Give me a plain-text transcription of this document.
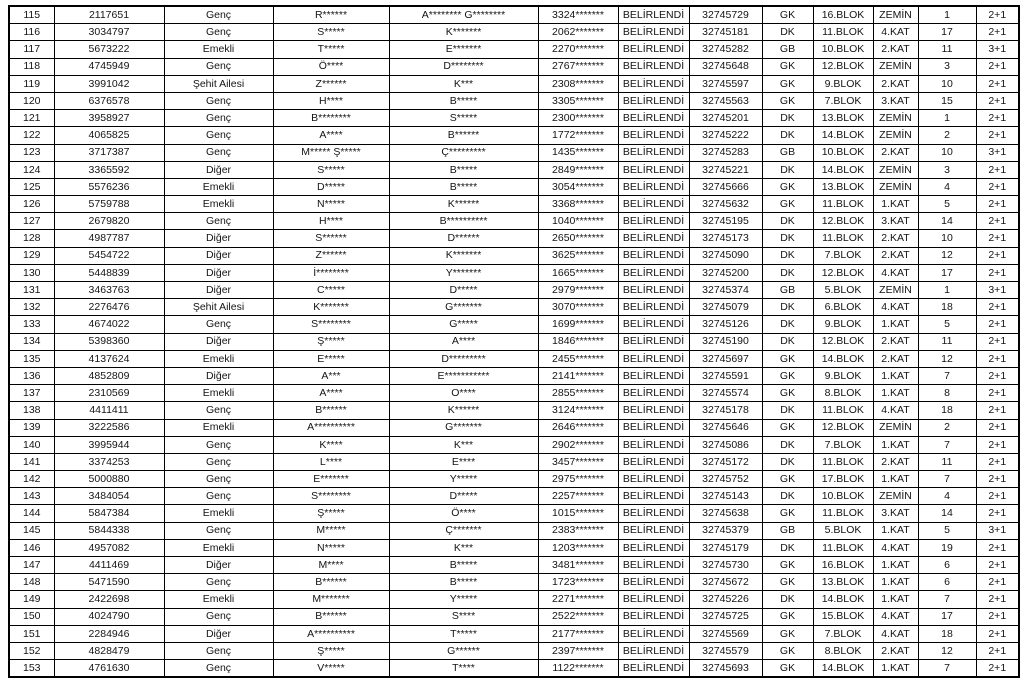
115	2117651	Genç	R******	A******** G********	3324*******	BELİRLENDİ	32745729	GK	16.BLOK	ZEMİN	1	2+1
116	3034797	Genç	S*****	K*******	2062*******	BELİRLENDİ	32745181	DK	11.BLOK	4.KAT	17	2+1
117	5673222	Emekli	T*****	E*******	2270*******	BELİRLENDİ	32745282	GB	10.BLOK	2.KAT	11	3+1
118	4745949	Genç	Ö****	D********	2767*******	BELİRLENDİ	32745648	GK	12.BLOK	ZEMİN	3	2+1
119	3991042	Şehit Ailesi	Z******	K***	2308*******	BELİRLENDİ	32745597	GK	9.BLOK	2.KAT	10	2+1
120	6376578	Genç	H****	B*****	3305*******	BELİRLENDİ	32745563	GK	7.BLOK	3.KAT	15	2+1
121	3958927	Genç	B********	S*****	2300*******	BELİRLENDİ	32745201	DK	13.BLOK	ZEMİN	1	2+1
122	4065825	Genç	A****	B******	1772*******	BELİRLENDİ	32745222	DK	14.BLOK	ZEMİN	2	2+1
123	3717387	Genç	M***** Ş*****	Ç*********	1435*******	BELİRLENDİ	32745283	GB	10.BLOK	2.KAT	10	3+1
124	3365592	Diğer	S*****	B*****	2849*******	BELİRLENDİ	32745221	DK	14.BLOK	ZEMİN	3	2+1
125	5576236	Emekli	D*****	B*****	3054*******	BELİRLENDİ	32745666	GK	13.BLOK	ZEMİN	4	2+1
126	5759788	Emekli	N*****	K******	3368*******	BELİRLENDİ	32745632	GK	11.BLOK	1.KAT	5	2+1
127	2679820	Genç	H****	B**********	1040*******	BELİRLENDİ	32745195	DK	12.BLOK	3.KAT	14	2+1
128	4987787	Diğer	S******	D******	2650*******	BELİRLENDİ	32745173	DK	11.BLOK	2.KAT	10	2+1
129	5454722	Diğer	Z******	K*******	3625*******	BELİRLENDİ	32745090	DK	7.BLOK	2.KAT	12	2+1
130	5448839	Diğer	İ********	Y*******	1665*******	BELİRLENDİ	32745200	DK	12.BLOK	4.KAT	17	2+1
131	3463763	Diğer	C*****	D*****	2979*******	BELİRLENDİ	32745374	GB	5.BLOK	ZEMİN	1	3+1
132	2276476	Şehit Ailesi	K*******	G*******	3070*******	BELİRLENDİ	32745079	DK	6.BLOK	4.KAT	18	2+1
133	4674022	Genç	S********	G*****	1699*******	BELİRLENDİ	32745126	DK	9.BLOK	1.KAT	5	2+1
134	5398360	Diğer	Ş*****	A****	1846*******	BELİRLENDİ	32745190	DK	12.BLOK	2.KAT	11	2+1
135	4137624	Emekli	E*****	D*********	2455*******	BELİRLENDİ	32745697	GK	14.BLOK	2.KAT	12	2+1
136	4852809	Diğer	A***	E***********	2141*******	BELİRLENDİ	32745591	GK	9.BLOK	1.KAT	7	2+1
137	2310569	Emekli	A****	O****	2855*******	BELİRLENDİ	32745574	GK	8.BLOK	1.KAT	8	2+1
138	4411411	Genç	B******	K******	3124*******	BELİRLENDİ	32745178	DK	11.BLOK	4.KAT	18	2+1
139	3222586	Emekli	A**********	G*******	2646*******	BELİRLENDİ	32745646	GK	12.BLOK	ZEMİN	2	2+1
140	3995944	Genç	K****	K***	2902*******	BELİRLENDİ	32745086	DK	7.BLOK	1.KAT	7	2+1
141	3374253	Genç	L****	E****	3457*******	BELİRLENDİ	32745172	DK	11.BLOK	2.KAT	11	2+1
142	5000880	Genç	E*******	Y*****	2975*******	BELİRLENDİ	32745752	GK	17.BLOK	1.KAT	7	2+1
143	3484054	Genç	S********	D*****	2257*******	BELİRLENDİ	32745143	DK	10.BLOK	ZEMİN	4	2+1
144	5847384	Emekli	Ş*****	Ö****	1015*******	BELİRLENDİ	32745638	GK	11.BLOK	3.KAT	14	2+1
145	5844338	Genç	M*****	Ç*******	2383*******	BELİRLENDİ	32745379	GB	5.BLOK	1.KAT	5	3+1
146	4957082	Emekli	N*****	K***	1203*******	BELİRLENDİ	32745179	DK	11.BLOK	4.KAT	19	2+1
147	4411469	Diğer	M****	B*****	3481*******	BELİRLENDİ	32745730	GK	16.BLOK	1.KAT	6	2+1
148	5471590	Genç	B******	B*****	1723*******	BELİRLENDİ	32745672	GK	13.BLOK	1.KAT	6	2+1
149	2422698	Emekli	M*******	Y*****	2271*******	BELİRLENDİ	32745226	DK	14.BLOK	1.KAT	7	2+1
150	4024790	Genç	B******	S****	2522*******	BELİRLENDİ	32745725	GK	15.BLOK	4.KAT	17	2+1
151	2284946	Diğer	A**********	T*****	2177*******	BELİRLENDİ	32745569	GK	7.BLOK	4.KAT	18	2+1
152	4828479	Genç	Ş*****	G******	2397*******	BELİRLENDİ	32745579	GK	8.BLOK	2.KAT	12	2+1
153	4761630	Genç	V*****	T****	1122*******	BELİRLENDİ	32745693	GK	14.BLOK	1.KAT	7	2+1
